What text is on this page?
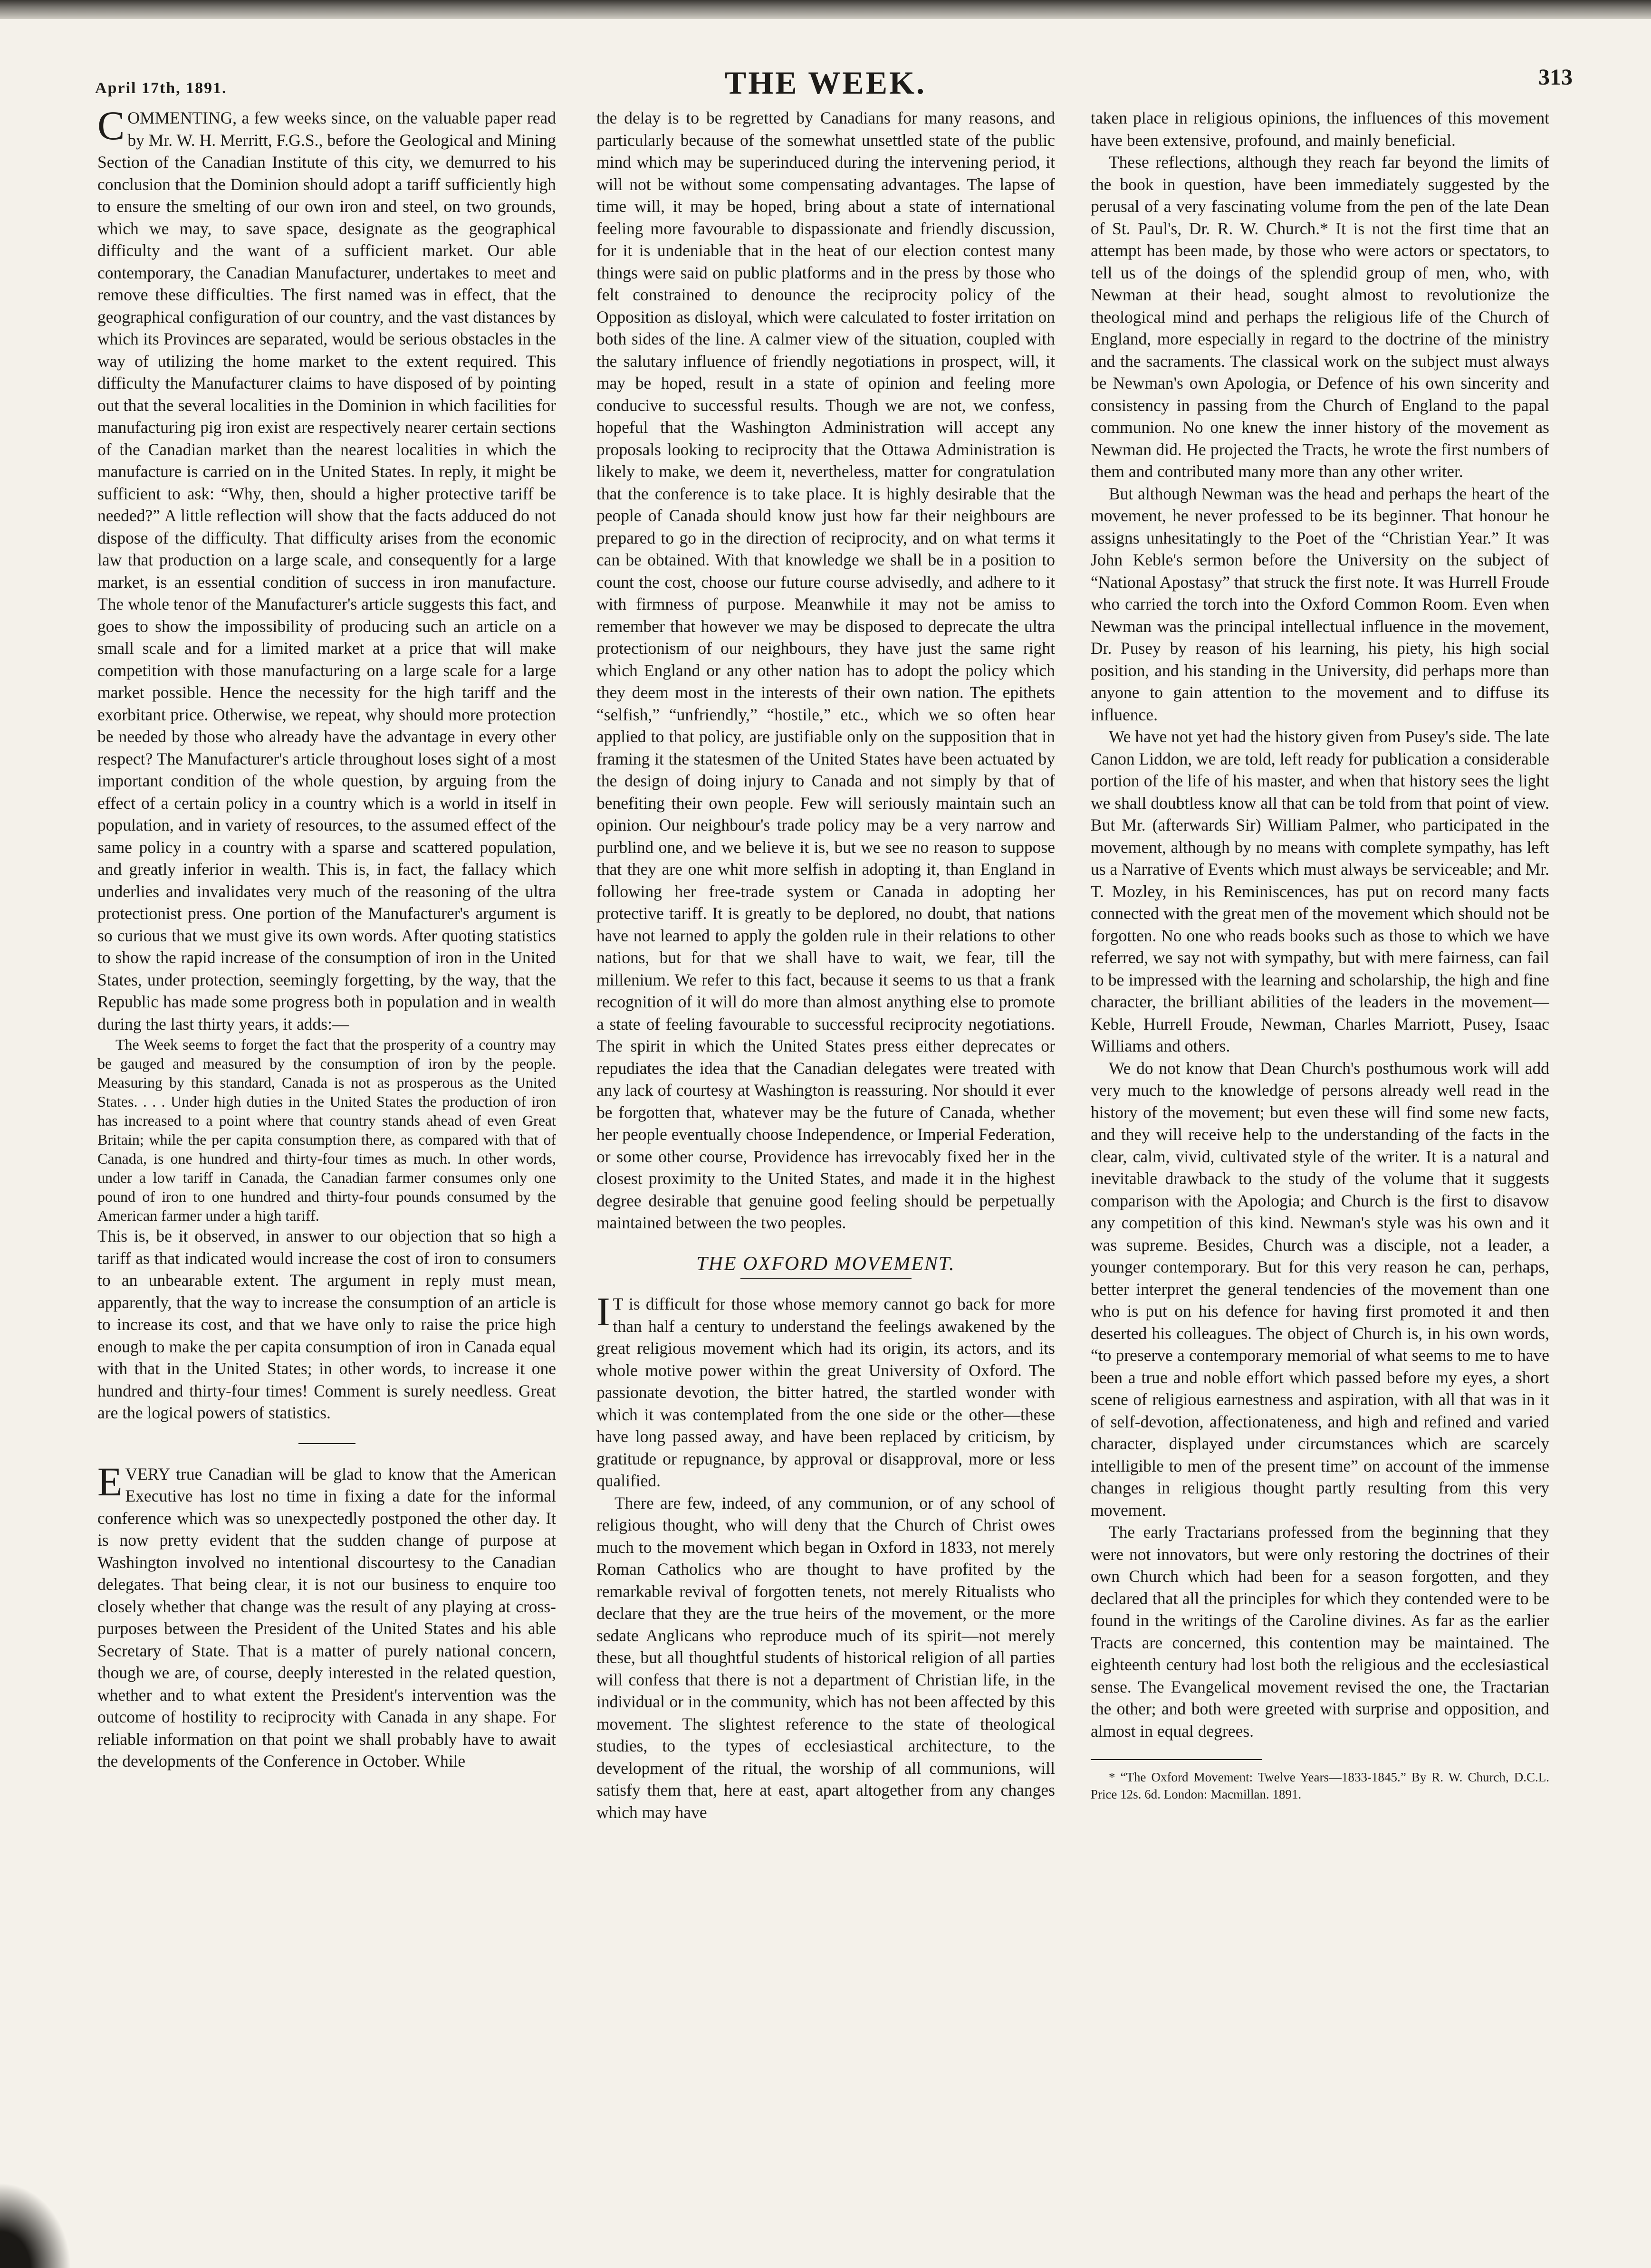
April 17th, 1891.	THE WEEK.	313

COMMENTING, a few weeks since, on the valuable paper read by Mr. W. H. Merritt, F.G.S., before the Geological and Mining Section of the Canadian Institute of this city, we demurred to his conclusion that the Dominion should adopt a tariff sufficiently high to ensure the smelting of our own iron and steel, on two grounds, which we may, to save space, designate as the geographical difficulty and the want of a sufficient market. Our able contemporary, the Canadian Manufacturer, undertakes to meet and remove these difficulties. The first named was in effect, that the geographical configuration of our country, and the vast distances by which its Provinces are separated, would be serious obstacles in the way of utilizing the home market to the extent required. This difficulty the Manufacturer claims to have disposed of by pointing out that the several localities in the Dominion in which facilities for manufacturing pig iron exist are respectively nearer certain sections of the Canadian market than the nearest localities in which the manufacture is carried on in the United States. In reply, it might be sufficient to ask: “Why, then, should a higher protective tariff be needed?” A little reflection will show that the facts adduced do not dispose of the difficulty. That difficulty arises from the economic law that production on a large scale, and consequently for a large market, is an essential condition of success in iron manufacture. The whole tenor of the Manufacturer's article suggests this fact, and goes to show the impossibility of producing such an article on a small scale and for a limited market at a price that will make competition with those manufacturing on a large scale for a large market possible. Hence the necessity for the high tariff and the exorbitant price. Otherwise, we repeat, why should more protection be needed by those who already have the advantage in every other respect? The Manufacturer's article throughout loses sight of a most important condition of the whole question, by arguing from the effect of a certain policy in a country which is a world in itself in population, and in variety of resources, to the assumed effect of the same policy in a country with a sparse and scattered population, and greatly inferior in wealth. This is, in fact, the fallacy which underlies and invalidates very much of the reasoning of the ultra protectionist press. One portion of the Manufacturer's argument is so curious that we must give its own words. After quoting statistics to show the rapid increase of the consumption of iron in the United States, under protection, seemingly forgetting, by the way, that the Republic has made some progress both in population and in wealth during the last thirty years, it adds:—

The Week seems to forget the fact that the prosperity of a country may be gauged and measured by the consumption of iron by the people. Measuring by this standard, Canada is not as prosperous as the United States. . . . Under high duties in the United States the production of iron has increased to a point where that country stands ahead of even Great Britain; while the per capita consumption there, as compared with that of Canada, is one hundred and thirty-four times as much. In other words, under a low tariff in Canada, the Canadian farmer consumes only one pound of iron to one hundred and thirty-four pounds consumed by the American farmer under a high tariff.

This is, be it observed, in answer to our objection that so high a tariff as that indicated would increase the cost of iron to consumers to an unbearable extent. The argument in reply must mean, apparently, that the way to increase the consumption of an article is to increase its cost, and that we have only to raise the price high enough to make the per capita consumption of iron in Canada equal with that in the United States; in other words, to increase it one hundred and thirty-four times! Comment is surely needless. Great are the logical powers of statistics.

EVERY true Canadian will be glad to know that the American Executive has lost no time in fixing a date for the informal conference which was so unexpectedly postponed the other day. It is now pretty evident that the sudden change of purpose at Washington involved no intentional discourtesy to the Canadian delegates. That being clear, it is not our business to enquire too closely whether that change was the result of any playing at cross-purposes between the President of the United States and his able Secretary of State. That is a matter of purely national concern, though we are, of course, deeply interested in the related question, whether and to what extent the President's intervention was the outcome of hostility to reciprocity with Canada in any shape. For reliable information on that point we shall probably have to await the developments of the Conference in October. While

the delay is to be regretted by Canadians for many reasons, and particularly because of the somewhat unsettled state of the public mind which may be superinduced during the intervening period, it will not be without some compensating advantages. The lapse of time will, it may be hoped, bring about a state of international feeling more favourable to dispassionate and friendly discussion, for it is undeniable that in the heat of our election contest many things were said on public platforms and in the press by those who felt constrained to denounce the reciprocity policy of the Opposition as disloyal, which were calculated to foster irritation on both sides of the line. A calmer view of the situation, coupled with the salutary influence of friendly negotiations in prospect, will, it may be hoped, result in a state of opinion and feeling more conducive to successful results. Though we are not, we confess, hopeful that the Washington Administration will accept any proposals looking to reciprocity that the Ottawa Administration is likely to make, we deem it, nevertheless, matter for congratulation that the conference is to take place. It is highly desirable that the people of Canada should know just how far their neighbours are prepared to go in the direction of reciprocity, and on what terms it can be obtained. With that knowledge we shall be in a position to count the cost, choose our future course advisedly, and adhere to it with firmness of purpose. Meanwhile it may not be amiss to remember that however we may be disposed to deprecate the ultra protectionism of our neighbours, they have just the same right which England or any other nation has to adopt the policy which they deem most in the interests of their own nation. The epithets “selfish,” “unfriendly,” “hostile,” etc., which we so often hear applied to that policy, are justifiable only on the supposition that in framing it the statesmen of the United States have been actuated by the design of doing injury to Canada and not simply by that of benefiting their own people. Few will seriously maintain such an opinion. Our neighbour's trade policy may be a very narrow and purblind one, and we believe it is, but we see no reason to suppose that they are one whit more selfish in adopting it, than England in following her free-trade system or Canada in adopting her protective tariff. It is greatly to be deplored, no doubt, that nations have not learned to apply the golden rule in their relations to other nations, but for that we shall have to wait, we fear, till the millenium. We refer to this fact, because it seems to us that a frank recognition of it will do more than almost anything else to promote a state of feeling favourable to successful reciprocity negotiations. The spirit in which the United States press either deprecates or repudiates the idea that the Canadian delegates were treated with any lack of courtesy at Washington is reassuring. Nor should it ever be forgotten that, whatever may be the future of Canada, whether her people eventually choose Independence, or Imperial Federation, or some other course, Providence has irrevocably fixed her in the closest proximity to the United States, and made it in the highest degree desirable that genuine good feeling should be perpetually maintained between the two peoples.

THE OXFORD MOVEMENT.

I T is difficult for those whose memory cannot go back for more than half a century to understand the feelings awakened by the great religious movement which had its origin, its actors, and its whole motive power within the great University of Oxford. The passionate devotion, the bitter hatred, the startled wonder with which it was contemplated from the one side or the other—these have long passed away, and have been replaced by criticism, by gratitude or repugnance, by approval or disapproval, more or less qualified.

There are few, indeed, of any communion, or of any school of religious thought, who will deny that the Church of Christ owes much to the movement which began in Oxford in 1833, not merely Roman Catholics who are thought to have profited by the remarkable revival of forgotten tenets, not merely Ritualists who declare that they are the true heirs of the movement, or the more sedate Anglicans who reproduce much of its spirit—not merely these, but all thoughtful students of historical religion of all parties will confess that there is not a department of Christian life, in the individual or in the community, which has not been affected by this movement. The slightest reference to the state of theological studies, to the types of ecclesiastical architecture, to the development of the ritual, the worship of all communions, will satisfy them that, here at east, apart altogether from any changes which may have

taken place in religious opinions, the influences of this movement have been extensive, profound, and mainly beneficial.

These reflections, although they reach far beyond the limits of the book in question, have been immediately suggested by the perusal of a very fascinating volume from the pen of the late Dean of St. Paul's, Dr. R. W. Church.* It is not the first time that an attempt has been made, by those who were actors or spectators, to tell us of the doings of the splendid group of men, who, with Newman at their head, sought almost to revolutionize the theological mind and perhaps the religious life of the Church of England, more especially in regard to the doctrine of the ministry and the sacraments. The classical work on the subject must always be Newman's own Apologia, or Defence of his own sincerity and consistency in passing from the Church of England to the papal communion. No one knew the inner history of the movement as Newman did. He projected the Tracts, he wrote the first numbers of them and contributed many more than any other writer.

But although Newman was the head and perhaps the heart of the movement, he never professed to be its beginner. That honour he assigns unhesitatingly to the Poet of the “Christian Year.” It was John Keble's sermon before the University on the subject of “National Apostasy” that struck the first note. It was Hurrell Froude who carried the torch into the Oxford Common Room. Even when Newman was the principal intellectual influence in the movement, Dr. Pusey by reason of his learning, his piety, his high social position, and his standing in the University, did perhaps more than anyone to gain attention to the movement and to diffuse its influence.

We have not yet had the history given from Pusey's side. The late Canon Liddon, we are told, left ready for publication a considerable portion of the life of his master, and when that history sees the light we shall doubtless know all that can be told from that point of view. But Mr. (afterwards Sir) William Palmer, who participated in the movement, although by no means with complete sympathy, has left us a Narrative of Events which must always be serviceable; and Mr. T. Mozley, in his Reminiscences, has put on record many facts connected with the great men of the movement which should not be forgotten. No one who reads books such as those to which we have referred, we say not with sympathy, but with mere fairness, can fail to be impressed with the learning and scholarship, the high and fine character, the brilliant abilities of the leaders in the movement—Keble, Hurrell Froude, Newman, Charles Marriott, Pusey, Isaac Williams and others.

We do not know that Dean Church's posthumous work will add very much to the knowledge of persons already well read in the history of the movement; but even these will find some new facts, and they will receive help to the understanding of the facts in the clear, calm, vivid, cultivated style of the writer. It is a natural and inevitable drawback to the study of the volume that it suggests comparison with the Apologia; and Church is the first to disavow any competition of this kind. Newman's style was his own and it was supreme. Besides, Church was a disciple, not a leader, a younger contemporary. But for this very reason he can, perhaps, better interpret the general tendencies of the movement than one who is put on his defence for having first promoted it and then deserted his colleagues. The object of Church is, in his own words, “to preserve a contemporary memorial of what seems to me to have been a true and noble effort which passed before my eyes, a short scene of religious earnestness and aspiration, with all that was in it of self-devotion, affectionateness, and high and refined and varied character, displayed under circumstances which are scarcely intelligible to men of the present time” on account of the immense changes in religious thought partly resulting from this very movement.

The early Tractarians professed from the beginning that they were not innovators, but were only restoring the doctrines of their own Church which had been for a season forgotten, and they declared that all the principles for which they contended were to be found in the writings of the Caroline divines. As far as the earlier Tracts are concerned, this contention may be maintained. The eighteenth century had lost both the religious and the ecclesiastical sense. The Evangelical movement revised the one, the Tractarian the other; and both were greeted with surprise and opposition, and almost in equal degrees.

* “The Oxford Movement: Twelve Years—1833-1845.” By R. W. Church, D.C.L. Price 12s. 6d. London: Macmillan. 1891.
